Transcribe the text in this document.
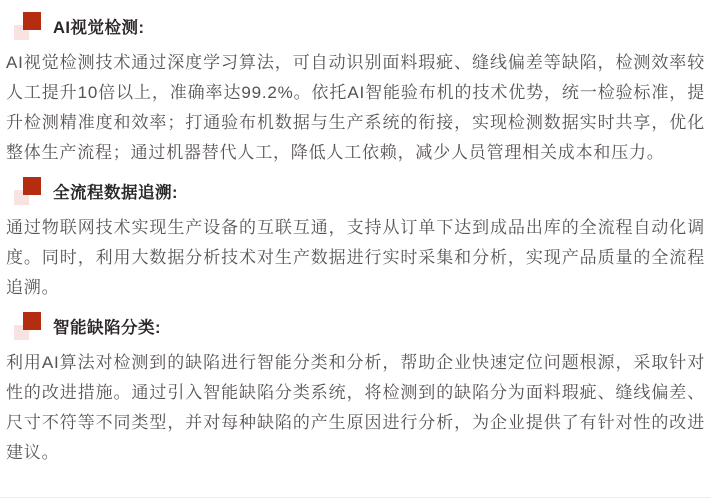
AI视觉检测:

AI视觉检测技术通过深度学习算法，可自动识别面料瑕疵、缝线偏差等缺陷，检测效率较人工提升10倍以上，准确率达99.2%。依托AI智能验布机的技术优势，统一检验标准，提升检测精准度和效率；打通验布机数据与生产系统的衔接，实现检测数据实时共享，优化整体生产流程；通过机器替代人工，降低人工依赖，减少人员管理相关成本和压力。

全流程数据追溯:

通过物联网技术实现生产设备的互联互通，支持从订单下达到成品出库的全流程自动化调度。同时，利用大数据分析技术对生产数据进行实时采集和分析，实现产品质量的全流程追溯。

智能缺陷分类:

利用AI算法对检测到的缺陷进行智能分类和分析，帮助企业快速定位问题根源，采取针对性的改进措施。通过引入智能缺陷分类系统，将检测到的缺陷分为面料瑕疵、缝线偏差、尺寸不符等不同类型，并对每种缺陷的产生原因进行分析，为企业提供了有针对性的改进建议。
